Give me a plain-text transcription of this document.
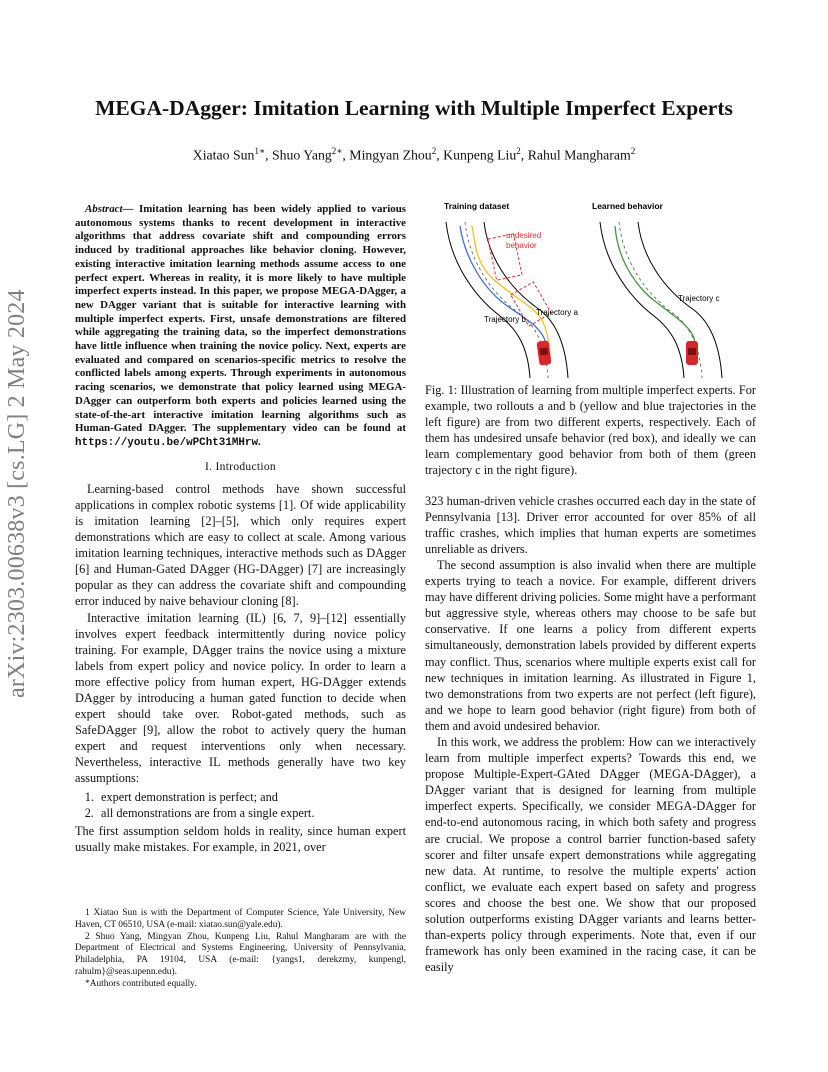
arXiv:2303.00638v3 [cs.LG] 2 May 2024
MEGA-DAgger: Imitation Learning with Multiple Imperfect Experts
Xiatao Sun$^{1∗}$, Shuo Yang$^{2∗}$, Mingyan Zhou$^2$, Kunpeng Liu$^2$, Rahul Mangharam$^2$
Abstract— Imitation learning has been widely applied to various autonomous systems thanks to recent development in interactive algorithms that address covariate shift and compounding errors induced by traditional approaches like behavior cloning. However, existing interactive imitation learning methods assume access to one perfect expert. Whereas in reality, it is more likely to have multiple imperfect experts instead. In this paper, we propose MEGA-DAgger, a new DAgger variant that is suitable for interactive learning with multiple imperfect experts. First, unsafe demonstrations are filtered while aggregating the training data, so the imperfect demonstrations have little influence when training the novice policy. Next, experts are evaluated and compared on scenarios-specific metrics to resolve the conflicted labels among experts. Through experiments in autonomous racing scenarios, we demonstrate that policy learned using MEGA-DAgger can outperform both experts and policies learned using the state-of-the-art interactive imitation learning algorithms such as Human-Gated DAgger. The supplementary video can be found at https://youtu.be/wPCht31MHrw.
I. Introduction

Learning-based control methods have shown successful applications in complex robotic systems [1]. Of wide applicability is imitation learning [2]–[5], which only requires expert demonstrations which are easy to collect at scale. Among various imitation learning techniques, interactive methods such as DAgger [6] and Human-Gated DAgger (HG-DAgger) [7] are increasingly popular as they can address the covariate shift and compounding error induced by naive behaviour cloning [8].

Interactive imitation learning (IL) [6, 7, 9]–[12] essentially involves expert feedback intermittently during novice policy training. For example, DAgger trains the novice using a mixture labels from expert policy and novice policy. In order to learn a more effective policy from human expert, HG-DAgger extends DAgger by introducing a human gated function to decide when expert should take over. Robot-gated methods, such as SafeDAgger [9], allow the robot to actively query the human expert and request interventions only when necessary. Nevertheless, interactive IL methods generally have two key assumptions:

1. expert demonstration is perfect; and
2. all demonstrations are from a single expert.

The first assumption seldom holds in reality, since human expert usually make mistakes. For example, in 2021, over

1 Xiatao Sun is with the Department of Computer Science, Yale University, New Haven, CT 06510, USA (e-mail: xiatao.sun@yale.edu).
2 Shuo Yang, Mingyan Zhou, Kunpeng Liu, Rahul Mangharam are with the Department of Electrical and Systems Engineering, University of Pennsylvania, Philadelphia, PA 19104, USA (e-mail: {yangs1, derekzmy, kunpengl, rahulm}@seas.upenn.edu).
*Authors contributed equally.
Training dataset	Learned behavior
undesired
behavior
Trajectory a
Trajectory b
Trajectory c
Fig. 1: Illustration of learning from multiple imperfect experts. For example, two rollouts a and b (yellow and blue trajectories in the left figure) are from two different experts, respectively. Each of them has undesired unsafe behavior (red box), and ideally we can learn complementary good behavior from both of them (green trajectory c in the right figure).

323 human-driven vehicle crashes occurred each day in the state of Pennsylvania [13]. Driver error accounted for over 85% of all traffic crashes, which implies that human experts are sometimes unreliable as drivers.

The second assumption is also invalid when there are multiple experts trying to teach a novice. For example, different drivers may have different driving policies. Some might have a performant but aggressive style, whereas others may choose to be safe but conservative. If one learns a policy from different experts simultaneously, demonstration labels provided by different experts may conflict. Thus, scenarios where multiple experts exist call for new techniques in imitation learning. As illustrated in Figure 1, two demonstrations from two experts are not perfect (left figure), and we hope to learn good behavior (right figure) from both of them and avoid undesired behavior.

In this work, we address the problem: How can we interactively learn from multiple imperfect experts? Towards this end, we propose Multiple-Expert-GAted DAgger (MEGA-DAgger), a DAgger variant that is designed for learning from multiple imperfect experts. Specifically, we consider MEGA-DAgger for end-to-end autonomous racing, in which both safety and progress are crucial. We propose a control barrier function-based safety scorer and filter unsafe expert demonstrations while aggregating new data. At runtime, to resolve the multiple experts' action conflict, we evaluate each expert based on safety and progress scores and choose the best one. We show that our proposed solution outperforms existing DAgger variants and learns better-than-experts policy through experiments. Note that, even if our framework has only been examined in the racing case, it can be easily
